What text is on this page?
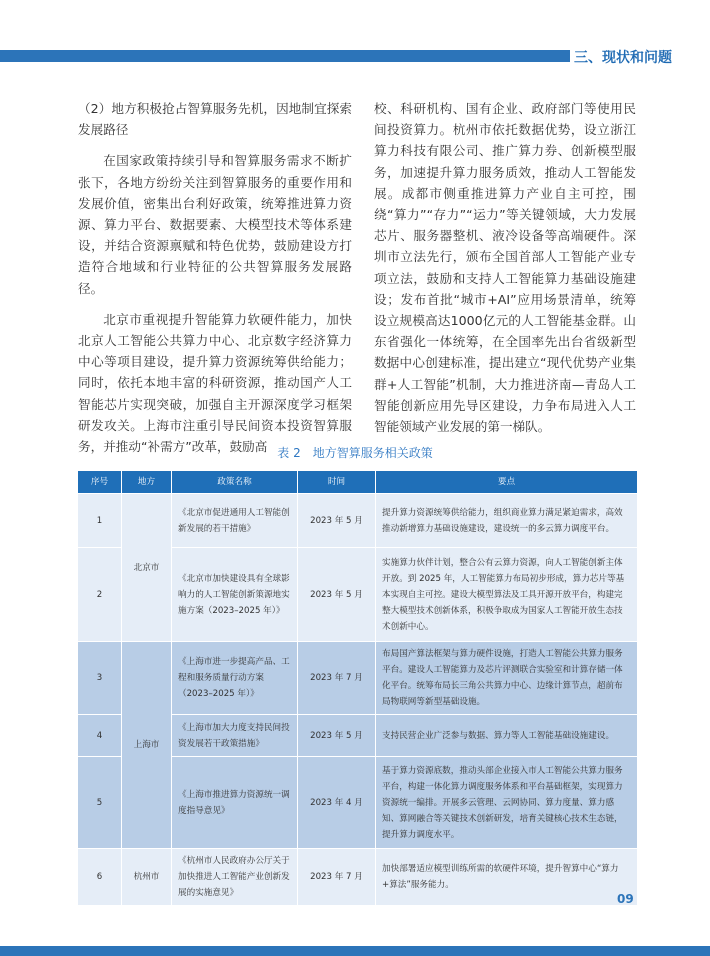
三、现状和问题

（2）地方积极抢占智算服务先机，因地制宜探索发展路径

在国家政策持续引导和智算服务需求不断扩张下，各地方纷纷关注到智算服务的重要作用和发展价值，密集出台利好政策，统筹推进算力资源、算力平台、数据要素、大模型技术等体系建设，并结合资源禀赋和特色优势，鼓励建设方打造符合地域和行业特征的公共智算服务发展路径。

北京市重视提升智能算力软硬件能力，加快北京人工智能公共算力中心、北京数字经济算力中心等项目建设，提升算力资源统筹供给能力；同时，依托本地丰富的科研资源，推动国产人工智能芯片实现突破，加强自主开源深度学习框架研发攻关。上海市注重引导民间资本投资智算服务，并推动“补需方”改革，鼓励高

校、科研机构、国有企业、政府部门等使用民间投资算力。杭州市依托数据优势，设立浙江算力科技有限公司、推广算力券、创新模型服务，加速提升算力服务质效，推动人工智能发展。成都市侧重推进算力产业自主可控，围绕“算力”“存力”“运力”等关键领域，大力发展芯片、服务器整机、液冷设备等高端硬件。深圳市立法先行，颁布全国首部人工智能产业专项立法，鼓励和支持人工智能算力基础设施建设；发布首批“城市+AI”应用场景清单，统筹设立规模高达1000亿元的人工智能基金群。山东省强化一体统筹，在全国率先出台省级新型数据中心创建标准，提出建立“现代优势产业集群+人工智能”机制，大力推进济南—青岛人工智能创新应用先导区建设，力争布局进入人工智能领域产业发展的第一梯队。

表 2　地方智算服务相关政策
序号	地方	政策名称	时间	要点
1	北京市	《北京市促进通用人工智能创新发展的若干措施》	2023 年 5 月	提升算力资源统筹供给能力，组织商业算力满足紧迫需求，高效推动新增算力基础设施建设，建设统一的多云算力调度平台。
2		《北京市加快建设具有全球影响力的人工智能创新策源地实施方案（2023–2025 年）》	2023 年 5 月	实施算力伙伴计划，整合公有云算力资源，向人工智能创新主体开放。到 2025 年，人工智能算力布局初步形成，算力芯片等基本实现自主可控。建设大模型算法及工具开源开放平台，构建完整大模型技术创新体系，积极争取成为国家人工智能开放生态技术创新中心。
3	上海市	《上海市进一步提高产品、工程和服务质量行动方案（2023–2025 年）》	2023 年 7 月	布局国产算法框架与算力硬件设施，打造人工智能公共算力服务平台。建设人工智能算力及芯片评测联合实验室和计算存储一体化平台。统筹布局长三角公共算力中心、边缘计算节点，超前布局物联网等新型基础设施。
4		《上海市加大力度支持民间投资发展若干政策措施》	2023 年 5 月	支持民营企业广泛参与数据、算力等人工智能基础设施建设。
5		《上海市推进算力资源统一调度指导意见》	2023 年 4 月	基于算力资源底数，推动头部企业接入市人工智能公共算力服务平台，构建一体化算力调度服务体系和平台基础框架，实现算力资源统一编排。开展多云管理、云网协同、算力度量、算力感知、算网融合等关键技术创新研发，培育关键核心技术生态链，提升算力调度水平。
6	杭州市	《杭州市人民政府办公厅关于加快推进人工智能产业创新发展的实施意见》	2023 年 7 月	加快部署适应模型训练所需的软硬件环境，提升智算中心“算力+算法”服务能力。
09
